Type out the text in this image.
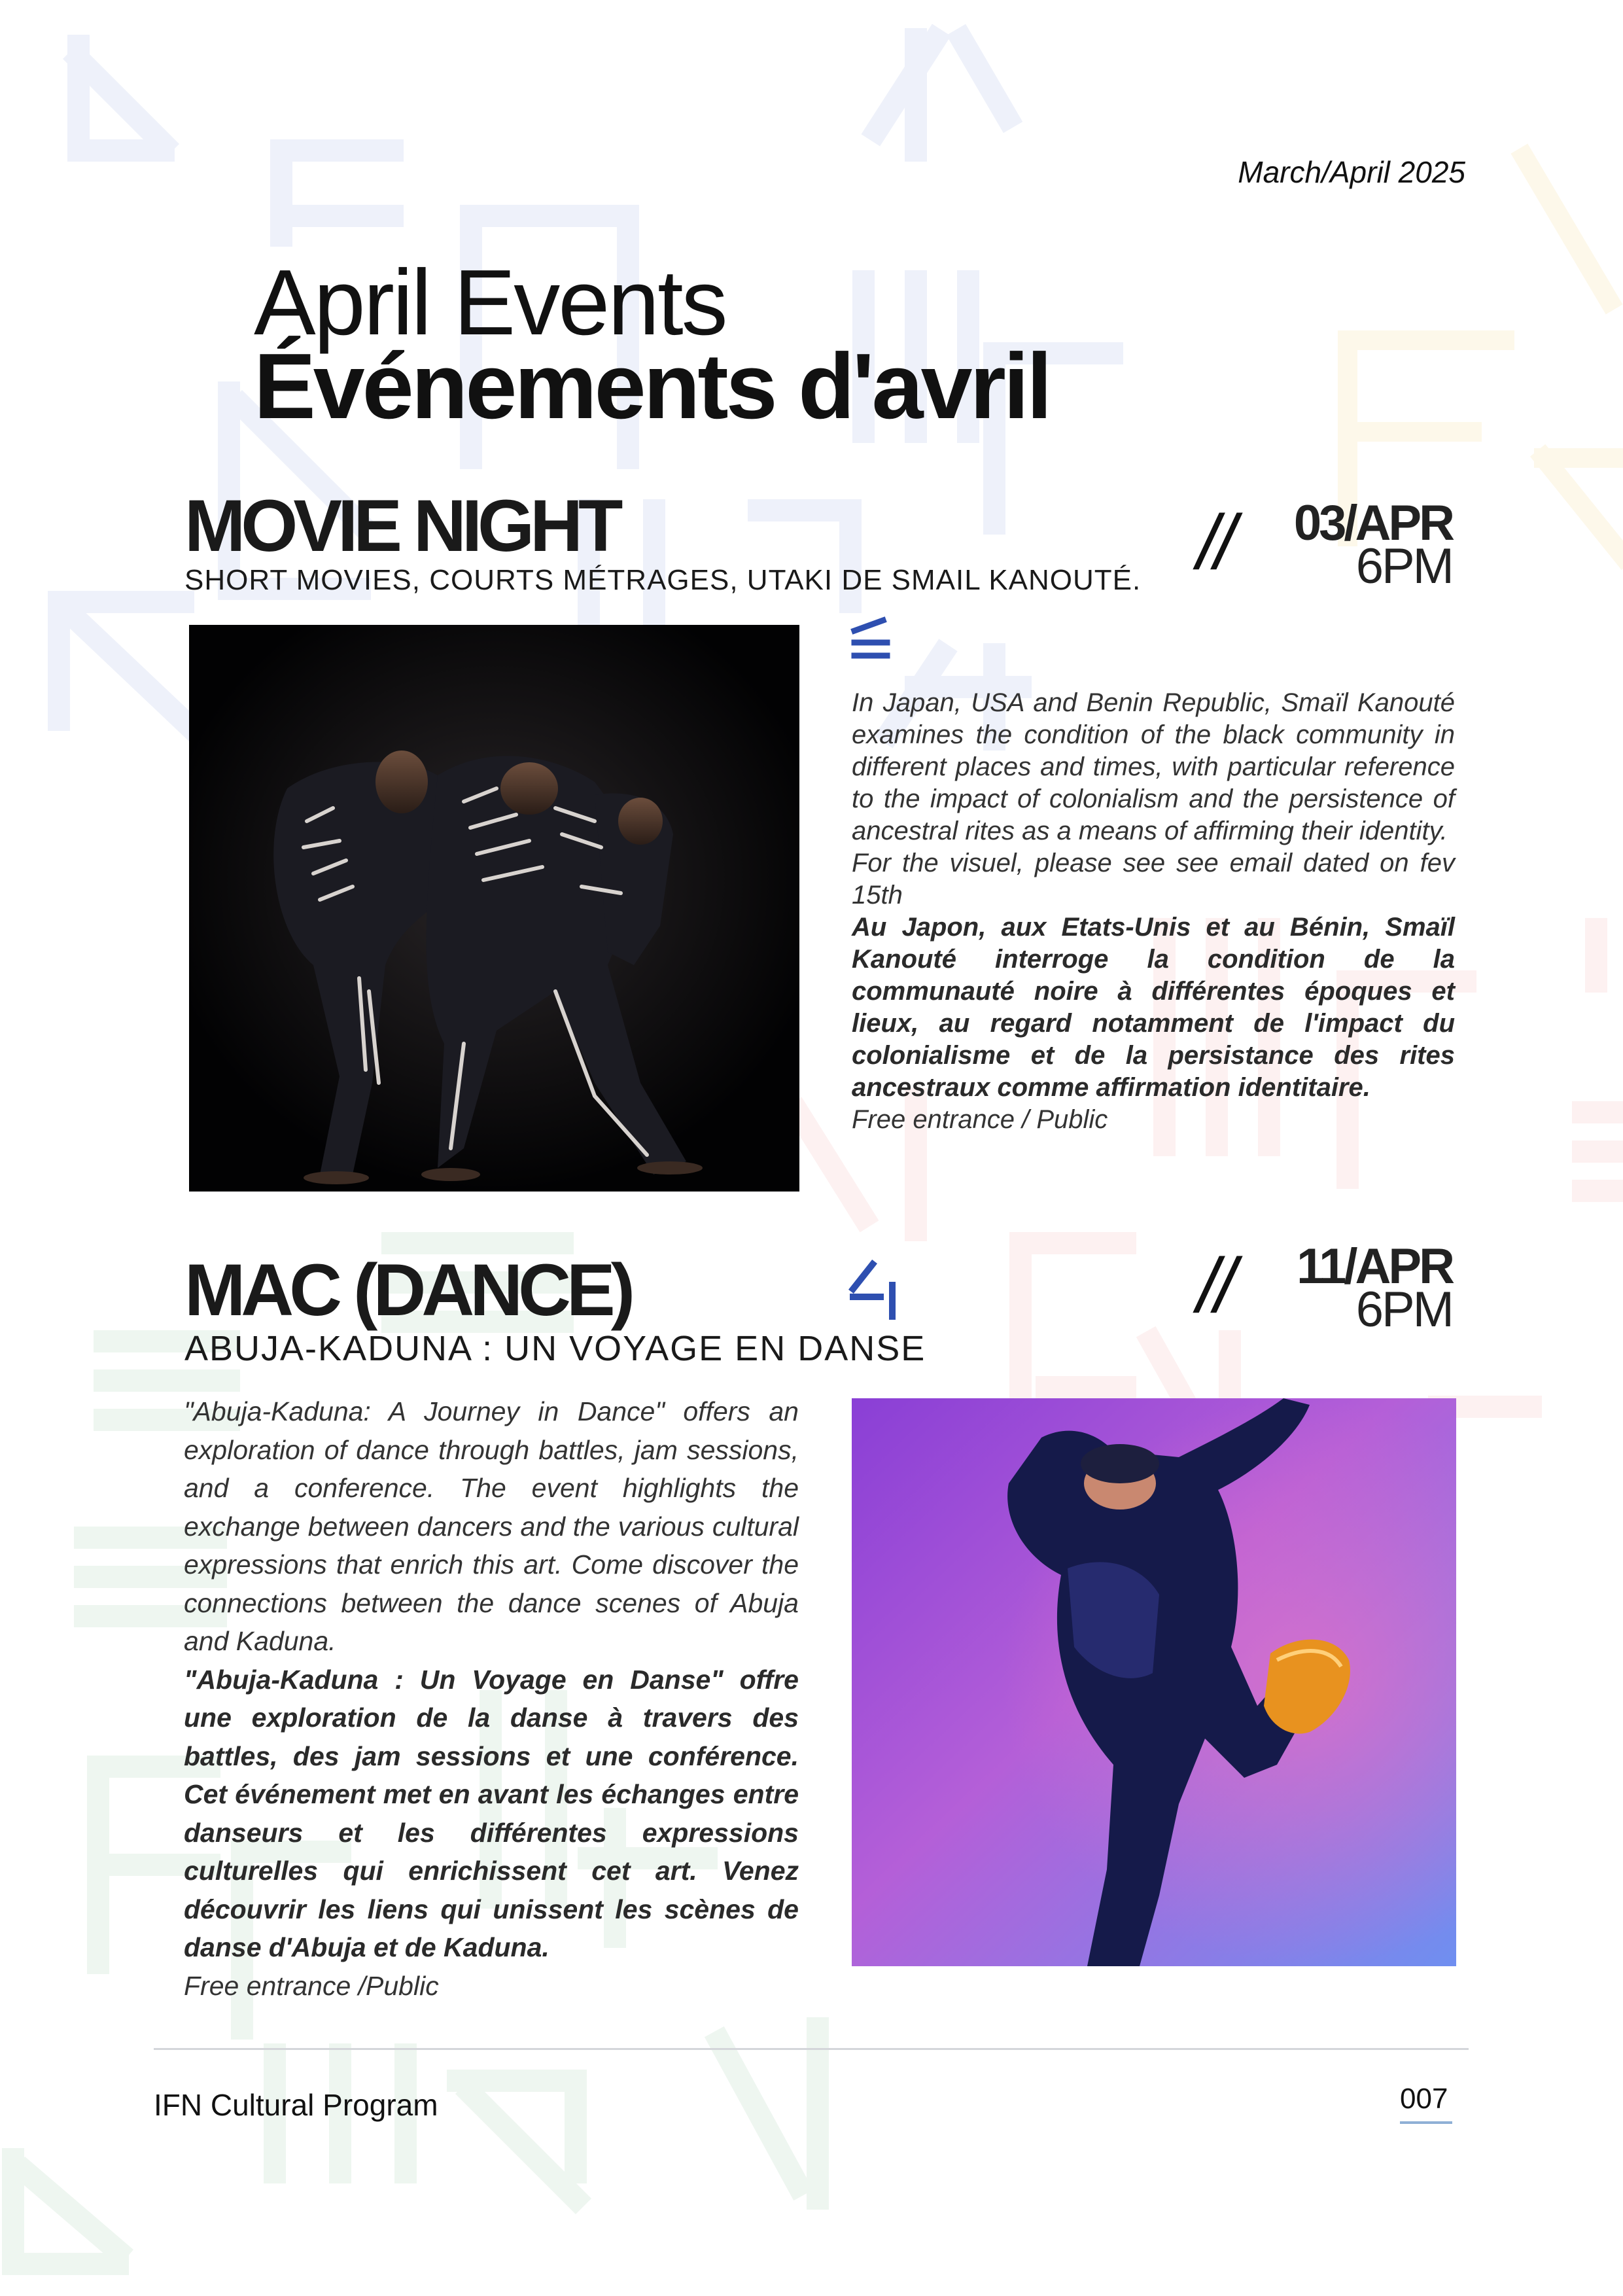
March/April 2025
April Events
Événements d'avril
MOVIE NIGHT
SHORT MOVIES, COURTS MÉTRAGES, UTAKI DE SMAIL KANOUTÉ. //	03/APR
6PM

In Japan, USA and Benin Republic, Smaïl Kanouté examines the condition of the black community in different places and times, with particular reference to the impact of colonialism and the persistence of ancestral rites as a means of affirming their identity.

For the visuel, please see see email dated on fev 15th

Au Japon, aux Etats-Unis et au Bénin, Smaïl Kanouté interroge la condition de la communauté noire à différentes époques et lieux, au regard notamment de l'impact du colonialisme et de la persistance des rites ancestraux comme affirmation identitaire.

Free entrance / Public

MAC (DANCE)
ABUJA-KADUNA : UN VOYAGE EN DANSE
//	11/APR
6PM

"Abuja-Kaduna: A Journey in Dance" offers an exploration of dance through battles, jam sessions, and a conference. The event highlights the exchange between dancers and the various cultural expressions that enrich this art. Come discover the connections between the dance scenes of Abuja and Kaduna.

"Abuja-Kaduna : Un Voyage en Danse" offre une exploration de la danse à travers des battles, des jam sessions et une conférence. Cet événement met en avant les échanges entre danseurs et les différentes expressions culturelles qui enrichissent cet art. Venez découvrir les liens qui unissent les scènes de danse d'Abuja et de Kaduna.

Free entrance /Public

IFN Cultural Program	007
